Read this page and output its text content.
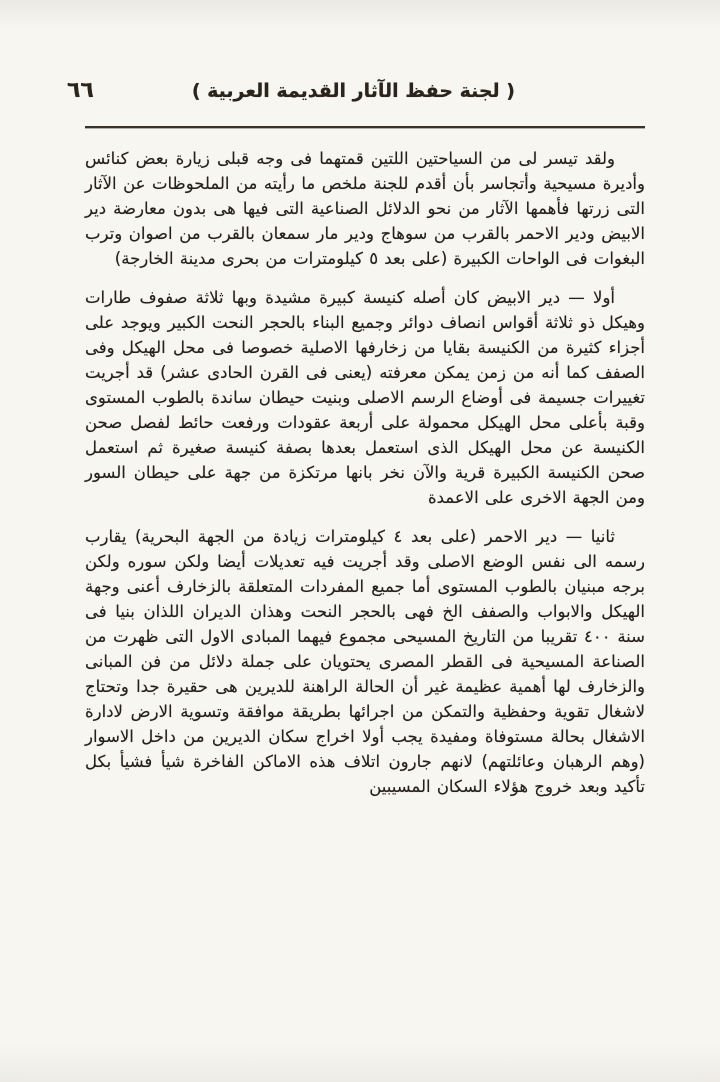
( لجنة حفظ الآثار القديمة العربية )
٦٦

ولقد تيسر لى من السياحتين اللتين قمتهما فى وجه قبلى زيارة بعض كنائس وأديرة مسيحية وأتجاسر بأن أقدم للجنة ملخص ما رأيته من الملحوظات عن الآثار التى زرتها فأهمها الآثار من نحو الدلائل الصناعية التى فيها هى بدون معارضة دير الابيض ودير الاحمر بالقرب من سوهاج ودير مار سمعان بالقرب من اصوان وترب البغوات فى الواحات الكبيرة (على بعد ٥ كيلومترات من بحرى مدينة الخارجة)

أولا — دير الابيض كان أصله كنيسة كبيرة مشيدة وبها ثلاثة صفوف طارات وهيكل ذو ثلاثة أقواس انصاف دوائر وجميع البناء بالحجر النحت الكبير ويوجد على أجزاء كثيرة من الكنيسة بقايا من زخارفها الاصلية خصوصا فى محل الهيكل وفى الصفف كما أنه من زمن يمكن معرفته (يعنى فى القرن الحادى عشر) قد أجريت تغييرات جسيمة فى أوضاع الرسم الاصلى وبنيت حيطان ساندة بالطوب المستوى وقبة بأعلى محل الهيكل محمولة على أربعة عقودات ورفعت حائط لفصل صحن الكنيسة عن محل الهيكل الذى استعمل بعدها بصفة كنيسة صغيرة ثم استعمل صحن الكنيسة الكبيرة قرية والآن نخر بانها مرتكزة من جهة على حيطان السور ومن الجهة الاخرى على الاعمدة

ثانيا — دير الاحمر (على بعد ٤ كيلومترات زيادة من الجهة البحرية) يقارب رسمه الى نفس الوضع الاصلى وقد أجريت فيه تعديلات أيضا ولكن سوره ولكن برجه مبنيان بالطوب المستوى أما جميع المفردات المتعلقة بالزخارف أعنى وجهة الهيكل والابواب والصفف الخ فهى بالحجر النحت وهذان الديران اللذان بنيا فى سنة ٤٠٠ تقريبا من التاريخ المسيحى مجموع فيهما المبادى الاول التى ظهرت من الصناعة المسيحية فى القطر المصرى يحتويان على جملة دلائل من فن المبانى والزخارف لها أهمية عظيمة غير أن الحالة الراهنة للديرين هى حقيرة جدا وتحتاج لاشغال تقوية وحفظية والتمكن من اجرائها بطريقة موافقة وتسوية الارض لادارة الاشغال بحالة مستوفاة ومفيدة يجب أولا اخراج سكان الديرين من داخل الاسوار (وهم الرهبان وعائلتهم) لانهم جارون اتلاف هذه الاماكن الفاخرة شيأ فشيأ بكل تأكيد وبعد خروج هؤلاء السكان المسيبين
